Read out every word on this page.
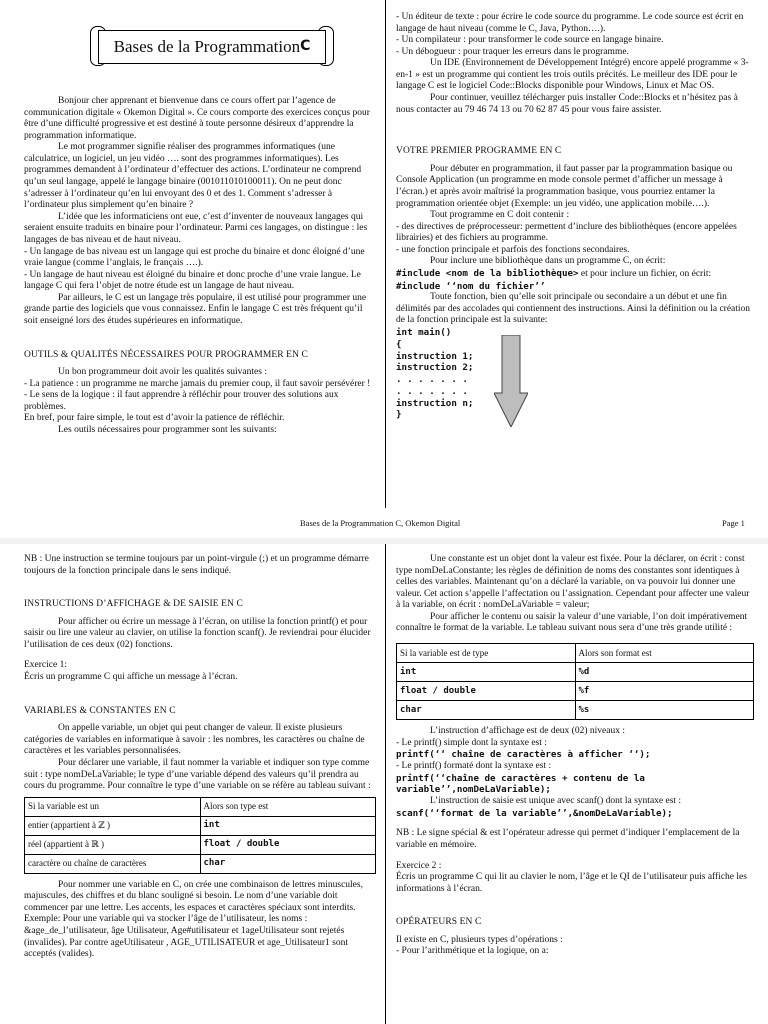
Bases de la Programmation C

Bonjour cher apprenant et bienvenue dans ce cours offert par l’agence de communication digitale « Okemon Digital ». Ce cours comporte des exercices conçus pour être d’une difficulté progressive et est destiné à toute personne désireux d’apprendre la programmation informatique.

Le mot programmer signifie réaliser des programmes informatiques (une calculatrice, un logiciel, un jeu vidéo …. sont des programmes informatiques). Les programmes demandent à l’ordinateur d’effectuer des actions. L’ordinateur ne comprend qu’un seul langage, appelé le langage binaire (001011010100011). On ne peut donc s’adresser à l’ordinateur qu’en lui envoyant des 0 et des 1. Comment s’adresser à l’ordinateur plus simplement qu’en binaire ?

L’idée que les informaticiens ont eue, c’est d’inventer de nouveaux langages qui seraient ensuite traduits en binaire pour l’ordinateur. Parmi ces langages, on distingue : les langages de bas niveau et de haut niveau.

- Un langage de bas niveau est un langage qui est proche du binaire et donc éloigné d’une vraie langue (comme l’anglais, le français ….).

- Un langage de haut niveau est éloigné du binaire et donc proche d’une vraie langue. Le langage C qui fera l’objet de notre étude est un langage de haut niveau.

Par ailleurs, le C est un langage très populaire, il est utilisé pour programmer une grande partie des logiciels que vous connaissez. Enfin le langage C est très fréquent qu’il soit enseigné lors des études supérieures en informatique.

OUTILS & QUALITÉS NÉCESSAIRES POUR PROGRAMMER EN C

Un bon programmeur doit avoir les qualités suivantes :

- La patience : un programme ne marche jamais du premier coup, il faut savoir persévérer !

- Le sens de la logique : il faut apprendre à réfléchir pour trouver des solutions aux problèmes.

En bref, pour faire simple, le tout est d’avoir la patience de réfléchir.

Les outils nécessaires pour programmer sont les suivants:

- Un éditeur de texte : pour écrire le code source du programme. Le code source est écrit en langage de haut niveau (comme le C, Java, Python….).

- Un compilateur : pour transformer le code source en langage binaire.

- Un débogueur : pour traquer les erreurs dans le programme.

Un IDE (Environnement de Développement Intégré) encore appelé programme « 3-en-1 » est un programme qui contient les trois outils précités. Le meilleur des IDE pour le langage C est le logiciel Code::Blocks disponible pour Windows, Linux et Mac OS.

Pour continuer, veuillez télécharger puis installer Code::Blocks et n’hésitez pas à nous contacter au 79 46 74 13 ou 70 62 87 45 pour vous faire assister.

VOTRE PREMIER PROGRAMME EN C

Pour débuter en programmation, il faut passer par la programmation basique ou Console Application (un programme en mode console permet d’afficher un message à l’écran.) et après avoir maîtrisé la programmation basique, vous pourriez entamer la programmation orientée objet (Exemple: un jeu vidéo, une application mobile….).

Tout programme en C doit contenir :

- des directives de préprocesseur: permettent d’inclure des bibliothèques (encore appelées librairies) et des fichiers au programme.

- une fonction principale et parfois des fonctions secondaires.

Pour inclure une bibliothèque dans un programme C, on écrit:

#include <nom de la bibliothèque> et pour inclure un fichier, on écrit:

#include ‘‘nom du fichier’’

Toute fonction, bien qu’elle soit principale ou secondaire a un début et une fin délimités par des accolades qui contiennent des instructions. Ainsi la définition ou la création de la fonction principale est la suivante:

int main()
{
instruction 1;
instruction 2;
. . . . . . .
. . . . . . .
instruction n;
}
Bases de la Programmation C, Okemon Digital	Page 1

NB : Une instruction se termine toujours par un point-virgule (;) et un programme démarre toujours de la fonction principale dans le sens indiqué.

INSTRUCTIONS D’AFFICHAGE & DE SAISIE EN C

Pour afficher ou écrire un message à l’écran, on utilise la fonction printf() et pour saisir ou lire une valeur au clavier, on utilise la fonction scanf(). Je reviendrai pour élucider l’utilisation de ces deux (02) fonctions.

Exercice 1:

Écris un programme C qui affiche un message à l’écran.

VARIABLES & CONSTANTES EN C

On appelle variable, un objet qui peut changer de valeur. Il existe plusieurs catégories de variables en informatique à savoir : les nombres, les caractères ou chaîne de caractères et les variables personnalisées.

Pour déclarer une variable, il faut nommer la variable et indiquer son type comme suit : type nomDeLaVariable; le type d’une variable dépend des valeurs qu’il prendra au cours du programme. Pour connaître le type d’une variable on se réfère au tableau suivant :

Si la variable est un	Alors son type est
entier (appartient à ℤ )	int
réel (appartient à ℝ )	float / double
caractère ou chaîne de caractères	char

Pour nommer une variable en C, on crée une combinaison de lettres minuscules, majuscules, des chiffres et du blanc souligné si besoin. Le nom d’une variable doit commencer par une lettre. Les accents, les espaces et caractères spéciaux sont interdits. Exemple: Pour une variable qui va stocker l’âge de l’utilisateur, les noms : &age_de_l’utilisateur, âge Utilisateur, Age#utilisateur et 1ageUtilisateur sont rejetés (invalides). Par contre ageUtilisateur , AGE_UTILISATEUR et age_Utilisateur1 sont acceptés (valides).

Une constante est un objet dont la valeur est fixée. Pour la déclarer, on écrit : const type nomDeLaConstante; les règles de définition de noms des constantes sont identiques à celles des variables. Maintenant qu’on a déclaré la variable, on va pouvoir lui donner une valeur. Cet action s’appelle l’affectation ou l’assignation. Cependant pour affecter une valeur à la variable, on écrit : nomDeLaVariable = valeur;

Pour afficher le contenu ou saisir la valeur d’une variable, l’on doit impérativement connaître le format de la variable. Le tableau suivant nous sera d’une très grande utilité :

Si la variable est de type	Alors son format est
int	%d
float / double	%f
char	%s

L’instruction d’affichage est de deux (02) niveaux :

- Le printf() simple dont la syntaxe est :

printf(‘‘ chaîne de caractères à afficher ‘‘);

- Le printf() formaté dont la syntaxe est :

printf(‘‘chaîne de caractères + contenu de la variable’’,nomDeLaVariable);

L’instruction de saisie est unique avec scanf() dont la syntaxe est :

scanf(‘‘format de la variable’’,&nomDeLaVariable);

NB : Le signe spécial & est l’opérateur adresse qui permet d’indiquer l’emplacement de la variable en mémoire.

Exercice 2 :

Écris un programme C qui lit au clavier le nom, l’âge et le QI de l’utilisateur puis affiche les informations à l’écran.

OPÉRATEURS EN C

Il existe en C, plusieurs types d’opérations :

- Pour l’arithmétique et la logique, on a:
